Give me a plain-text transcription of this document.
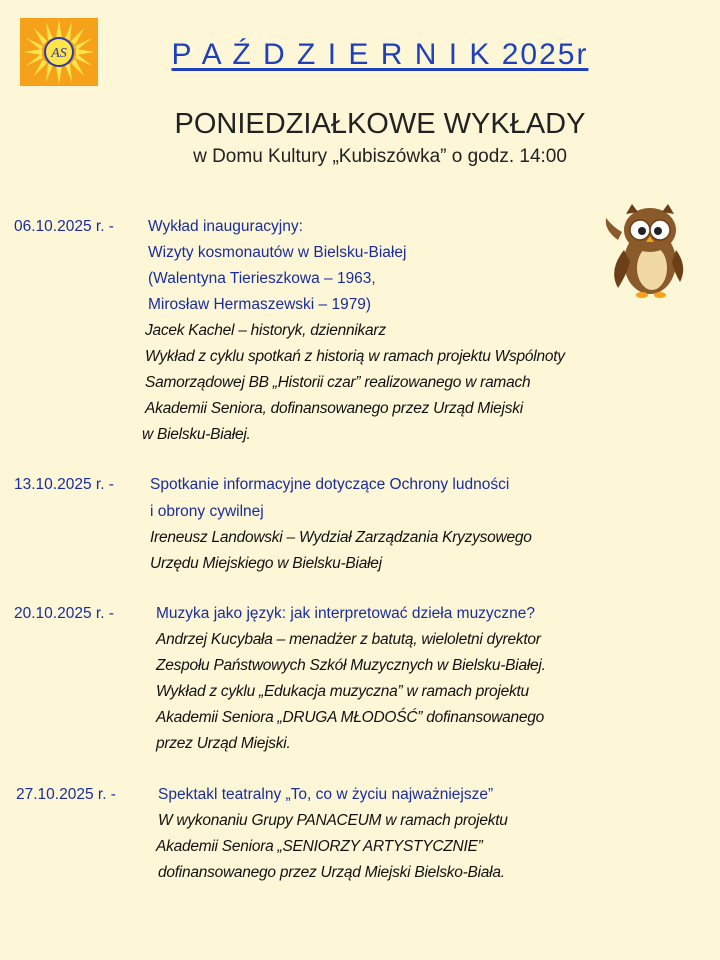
AS	P A Ź D Z I E R N I K 2025r
PONIEDZIAŁKOWE WYKŁADY
w Domu Kultury „Kubiszówka” o godz. 14:00
06.10.2025 r. - Wykład inauguracyjny:
Wizyty kosmonautów w Bielsku-Białej
(Walentyna Tierieszkowa – 1963,
Mirosław Hermaszewski – 1979)
Jacek Kachel – historyk, dziennikarz
Wykład z cyklu spotkań z historią w ramach projektu Wspólnoty
Samorządowej BB „Historii czar” realizowanego w ramach
Akademii Seniora, dofinansowanego przez Urząd Miejski
w Bielsku-Białej.
13.10.2025 r. - Spotkanie informacyjne dotyczące Ochrony ludności
i obrony cywilnej
Ireneusz Landowski – Wydział Zarządzania Kryzysowego
Urzędu Miejskiego w Bielsku-Białej
20.10.2025 r. -	Muzyka jako język: jak interpretować dzieła muzyczne?
Andrzej Kucybała – menadżer z batutą, wieloletni dyrektor
Zespołu Państwowych Szkół Muzycznych w Bielsku-Białej.
Wykład z cyklu „Edukacja muzyczna” w ramach projektu
Akademii Seniora „DRUGA MŁODOŚĆ” dofinansowanego
przez Urząd Miejski.
27.10.2025 r. -	Spektakl teatralny „To, co w życiu najważniejsze”
W wykonaniu Grupy PANACEUM w ramach projektu
Akademii Seniora „SENIORZY ARTYSTYCZNIE”
dofinansowanego przez Urząd Miejski Bielsko-Biała.
